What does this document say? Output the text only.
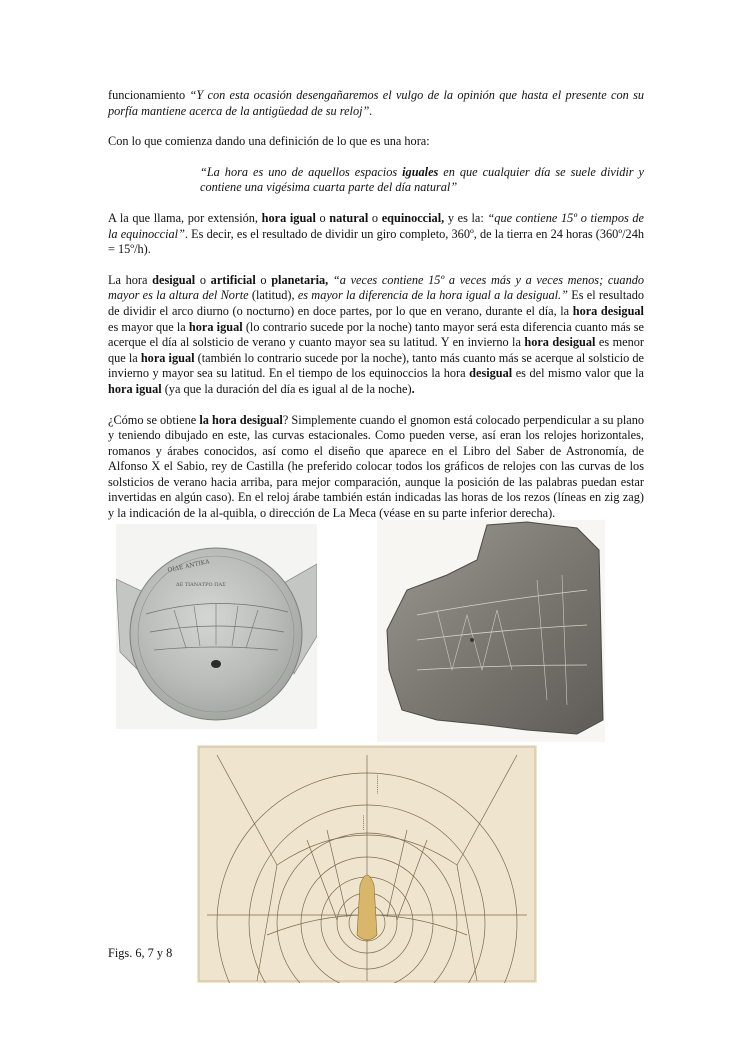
funcionamiento “Y con esta ocasión desengañaremos el vulgo de la opinión que hasta el presente con su porfía mantiene acerca de la antigüedad de su reloj”.

Con lo que comienza dando una definición de lo que es una hora:

“La hora es uno de aquellos espacios iguales en que cualquier día se suele dividir y contiene una vigésima cuarta parte del día natural”

A la que llama, por extensión, hora igual o natural o equinoccial, y es la: “que contiene 15º o tiempos de la equinoccial”. Es decir, es el resultado de dividir un giro completo, 360º, de la tierra en 24 horas (360º/24h = 15º/h).

La hora desigual o artificial o planetaria, “a veces contiene 15º a veces más y a veces menos; cuando mayor es la altura del Norte (latitud), es mayor la diferencia de la hora igual a la desigual.” Es el resultado de dividir el arco diurno (o nocturno) en doce partes, por lo que en verano, durante el día, la hora desigual es mayor que la hora igual (lo contrario sucede por la noche) tanto mayor será esta diferencia cuanto más se acerque el día al solsticio de verano y cuanto mayor sea su latitud. Y en invierno la hora desigual es menor que la hora igual (también lo contrario sucede por la noche), tanto más cuanto más se acerque al solsticio de invierno y mayor sea su latitud. En el tiempo de los equinoccios la hora desigual es del mismo valor que la hora igual (ya que la duración del día es igual al de la noche).

¿Cómo se obtiene la hora desigual? Simplemente cuando el gnomon está colocado perpendicular a su plano y teniendo dibujado en este, las curvas estacionales. Como pueden verse, así eran los relojes horizontales, romanos y árabes conocidos, así como el diseño que aparece en el Libro del Saber de Astronomía, de Alfonso X el Sabio, rey de Castilla (he preferido colocar todos los gráficos de relojes con las curvas de los solsticios de verano hacia arriba, para mejor comparación, aunque la posición de las palabras puedan estar invertidas en algún caso). En el reloj árabe también están indicadas las horas de los rezos (líneas en zig zag) y la indicación de la al-quibla, o dirección de La Meca (véase en su parte inferior derecha).

ΟΙΔΕ ΑΝΤΙΚΑ
ΔΕ ΤΙΑΝΑΤΡΟ ΠΑΣ
········
··········
Figs. 6, 7 y 8
